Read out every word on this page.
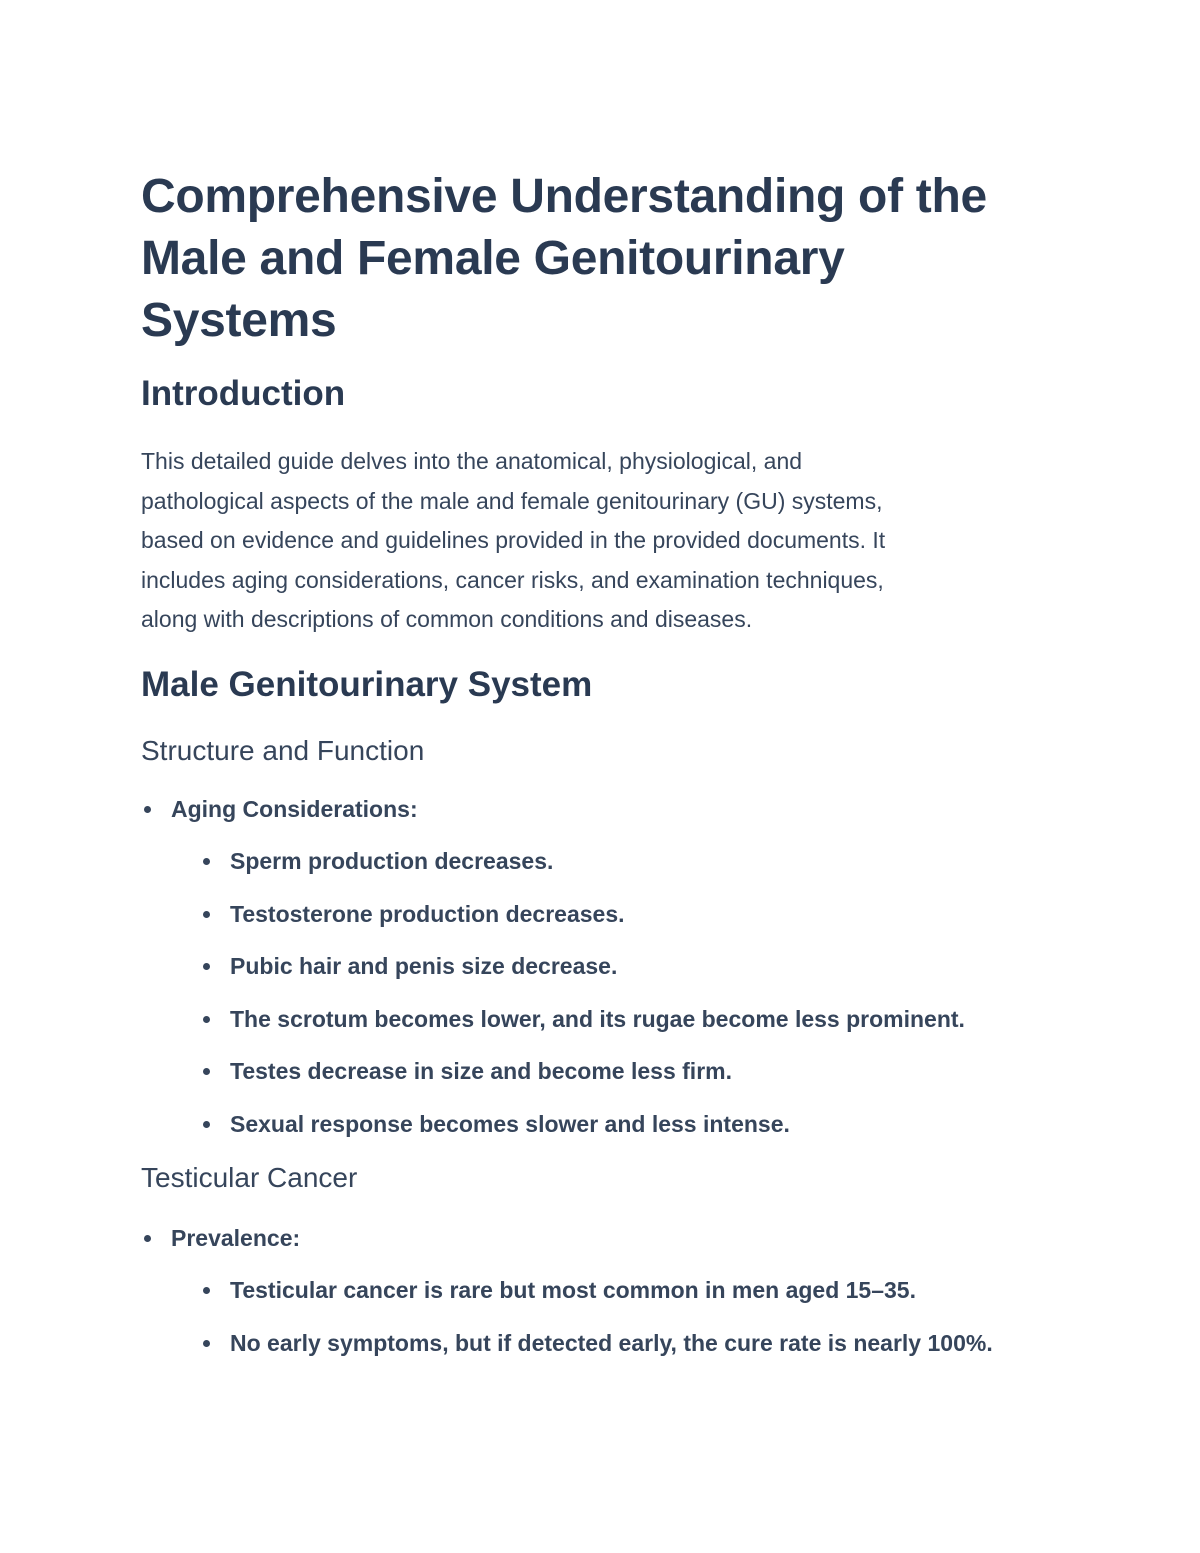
Comprehensive Understanding of the
Male and Female Genitourinary
Systems
Introduction

This detailed guide delves into the anatomical, physiological, and
pathological aspects of the male and female genitourinary (GU) systems,
based on evidence and guidelines provided in the provided documents. It
includes aging considerations, cancer risks, and examination techniques,
along with descriptions of common conditions and diseases.

Male Genitourinary System
Structure and Function
Aging Considerations:
Sperm production decreases.
Testosterone production decreases.
Pubic hair and penis size decrease.
The scrotum becomes lower, and its rugae become less prominent.
Testes decrease in size and become less firm.
Sexual response becomes slower and less intense.
Testicular Cancer
Prevalence:
Testicular cancer is rare but most common in men aged 15–35.
No early symptoms, but if detected early, the cure rate is nearly 100%.
